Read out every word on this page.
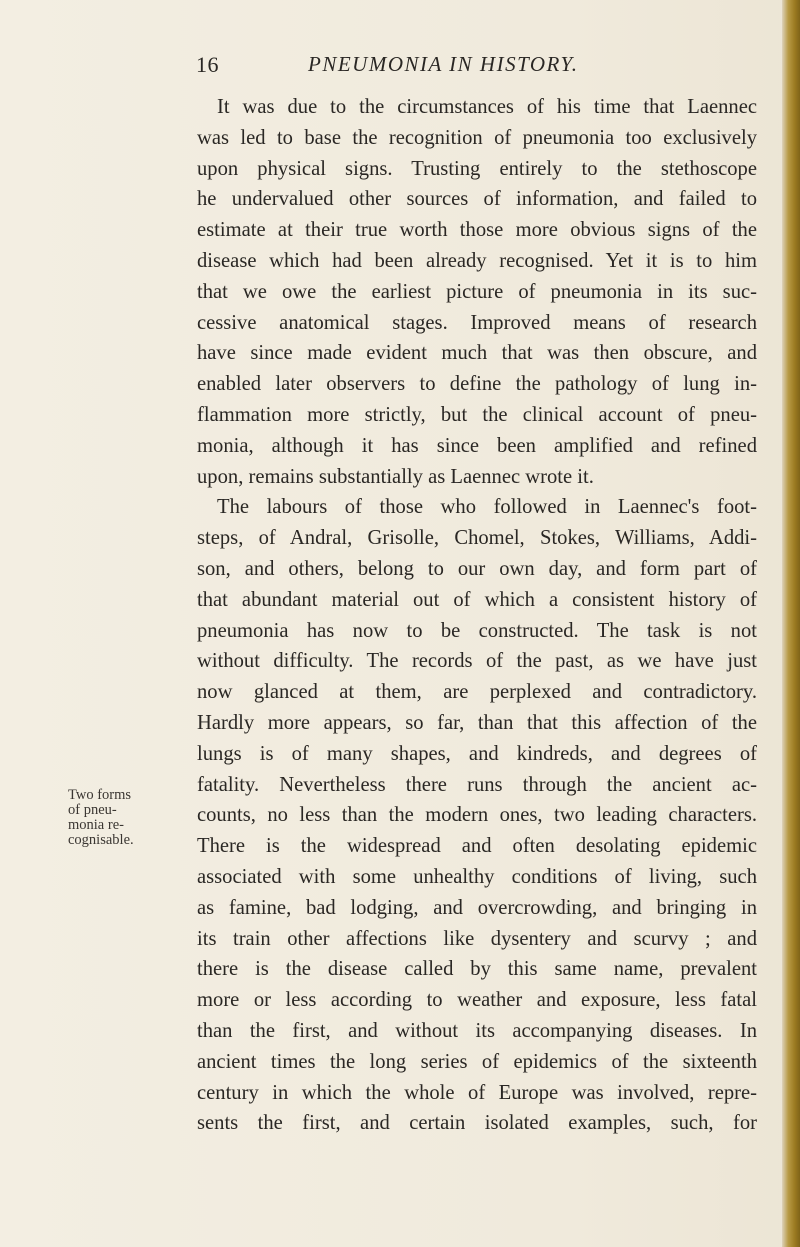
16	PNEUMONIA IN HISTORY.
Two forms
of pneu-
monia re-
cognisable.
It was due to the circumstances of his time that Laennec
was led to base the recognition of pneumonia too exclusively
upon physical signs. Trusting entirely to the stethoscope
he undervalued other sources of information, and failed to
estimate at their true worth those more obvious signs of the
disease which had been already recognised. Yet it is to him
that we owe the earliest picture of pneumonia in its suc-
cessive anatomical stages. Improved means of research
have since made evident much that was then obscure, and
enabled later observers to define the pathology of lung in-
flammation more strictly, but the clinical account of pneu-
monia, although it has since been amplified and refined
upon, remains substantially as Laennec wrote it.
The labours of those who followed in Laennec's foot-
steps, of Andral, Grisolle, Chomel, Stokes, Williams, Addi-
son, and others, belong to our own day, and form part of
that abundant material out of which a consistent history of
pneumonia has now to be constructed. The task is not
without difficulty. The records of the past, as we have just
now glanced at them, are perplexed and contradictory.
Hardly more appears, so far, than that this affection of the
lungs is of many shapes, and kindreds, and degrees of
fatality. Nevertheless there runs through the ancient ac-
counts, no less than the modern ones, two leading characters.
There is the widespread and often desolating epidemic
associated with some unhealthy conditions of living, such
as famine, bad lodging, and overcrowding, and bringing in
its train other affections like dysentery and scurvy ; and
there is the disease called by this same name, prevalent
more or less according to weather and exposure, less fatal
than the first, and without its accompanying diseases. In
ancient times the long series of epidemics of the sixteenth
century in which the whole of Europe was involved, repre-
sents the first, and certain isolated examples, such, for
